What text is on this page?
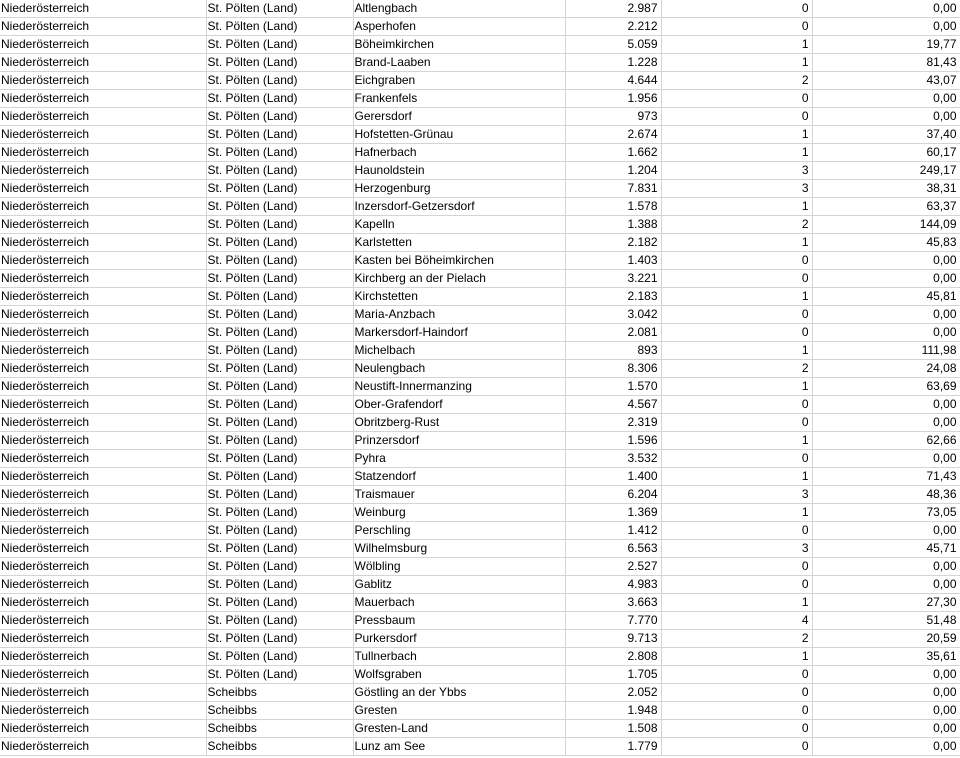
Niederösterreich	St. Pölten (Land)	Altlengbach	2.987	0	0,00
Niederösterreich	St. Pölten (Land)	Asperhofen	2.212	0	0,00
Niederösterreich	St. Pölten (Land)	Böheimkirchen	5.059	1	19,77
Niederösterreich	St. Pölten (Land)	Brand-Laaben	1.228	1	81,43
Niederösterreich	St. Pölten (Land)	Eichgraben	4.644	2	43,07
Niederösterreich	St. Pölten (Land)	Frankenfels	1.956	0	0,00
Niederösterreich	St. Pölten (Land)	Gerersdorf	973	0	0,00
Niederösterreich	St. Pölten (Land)	Hofstetten-Grünau	2.674	1	37,40
Niederösterreich	St. Pölten (Land)	Hafnerbach	1.662	1	60,17
Niederösterreich	St. Pölten (Land)	Haunoldstein	1.204	3	249,17
Niederösterreich	St. Pölten (Land)	Herzogenburg	7.831	3	38,31
Niederösterreich	St. Pölten (Land)	Inzersdorf-Getzersdorf	1.578	1	63,37
Niederösterreich	St. Pölten (Land)	Kapelln	1.388	2	144,09
Niederösterreich	St. Pölten (Land)	Karlstetten	2.182	1	45,83
Niederösterreich	St. Pölten (Land)	Kasten bei Böheimkirchen	1.403	0	0,00
Niederösterreich	St. Pölten (Land)	Kirchberg an der Pielach	3.221	0	0,00
Niederösterreich	St. Pölten (Land)	Kirchstetten	2.183	1	45,81
Niederösterreich	St. Pölten (Land)	Maria-Anzbach	3.042	0	0,00
Niederösterreich	St. Pölten (Land)	Markersdorf-Haindorf	2.081	0	0,00
Niederösterreich	St. Pölten (Land)	Michelbach	893	1	111,98
Niederösterreich	St. Pölten (Land)	Neulengbach	8.306	2	24,08
Niederösterreich	St. Pölten (Land)	Neustift-Innermanzing	1.570	1	63,69
Niederösterreich	St. Pölten (Land)	Ober-Grafendorf	4.567	0	0,00
Niederösterreich	St. Pölten (Land)	Obritzberg-Rust	2.319	0	0,00
Niederösterreich	St. Pölten (Land)	Prinzersdorf	1.596	1	62,66
Niederösterreich	St. Pölten (Land)	Pyhra	3.532	0	0,00
Niederösterreich	St. Pölten (Land)	Statzendorf	1.400	1	71,43
Niederösterreich	St. Pölten (Land)	Traismauer	6.204	3	48,36
Niederösterreich	St. Pölten (Land)	Weinburg	1.369	1	73,05
Niederösterreich	St. Pölten (Land)	Perschling	1.412	0	0,00
Niederösterreich	St. Pölten (Land)	Wilhelmsburg	6.563	3	45,71
Niederösterreich	St. Pölten (Land)	Wölbling	2.527	0	0,00
Niederösterreich	St. Pölten (Land)	Gablitz	4.983	0	0,00
Niederösterreich	St. Pölten (Land)	Mauerbach	3.663	1	27,30
Niederösterreich	St. Pölten (Land)	Pressbaum	7.770	4	51,48
Niederösterreich	St. Pölten (Land)	Purkersdorf	9.713	2	20,59
Niederösterreich	St. Pölten (Land)	Tullnerbach	2.808	1	35,61
Niederösterreich	St. Pölten (Land)	Wolfsgraben	1.705	0	0,00
Niederösterreich	Scheibbs	Göstling an der Ybbs	2.052	0	0,00
Niederösterreich	Scheibbs	Gresten	1.948	0	0,00
Niederösterreich	Scheibbs	Gresten-Land	1.508	0	0,00
Niederösterreich	Scheibbs	Lunz am See	1.779	0	0,00
